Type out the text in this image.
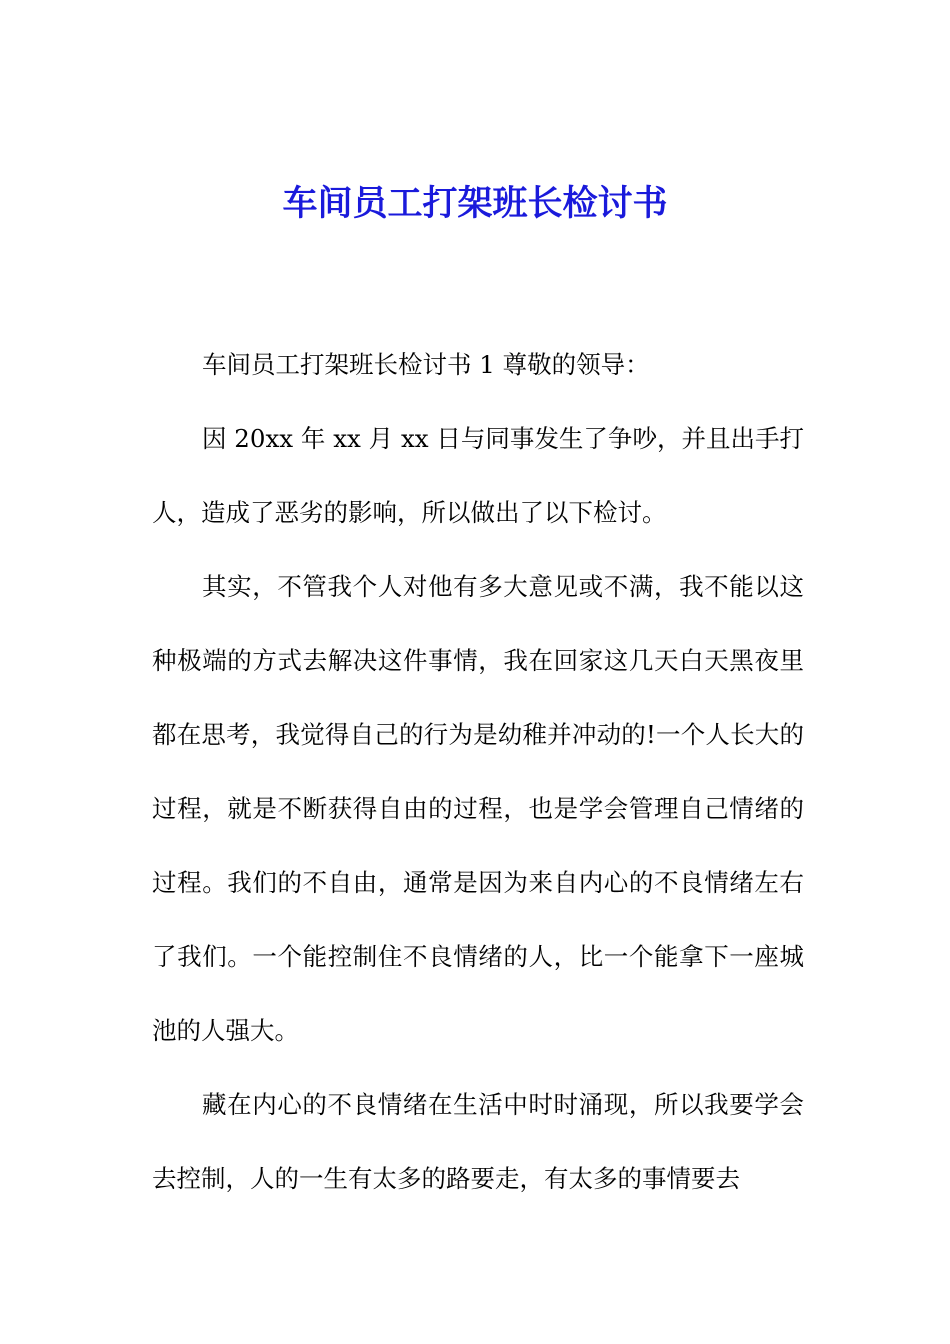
车间员工打架班长检讨书

车间员工打架班长检讨书 1 尊敬的领导：

因 20xx 年 xx 月 xx 日与同事发生了争吵，并且出手打人，造成了恶劣的影响，所以做出了以下检讨。

其实，不管我个人对他有多大意见或不满，我不能以这种极端的方式去解决这件事情，我在回家这几天白天黑夜里都在思考，我觉得自己的行为是幼稚并冲动的!一个人长大的过程，就是不断获得自由的过程，也是学会管理自己情绪的过程。我们的不自由，通常是因为来自内心的不良情绪左右了我们。一个能控制住不良情绪的人，比一个能拿下一座城池的人强大。

藏在内心的不良情绪在生活中时时涌现，所以我要学会去控制，人的一生有太多的路要走，有太多的事情要去
